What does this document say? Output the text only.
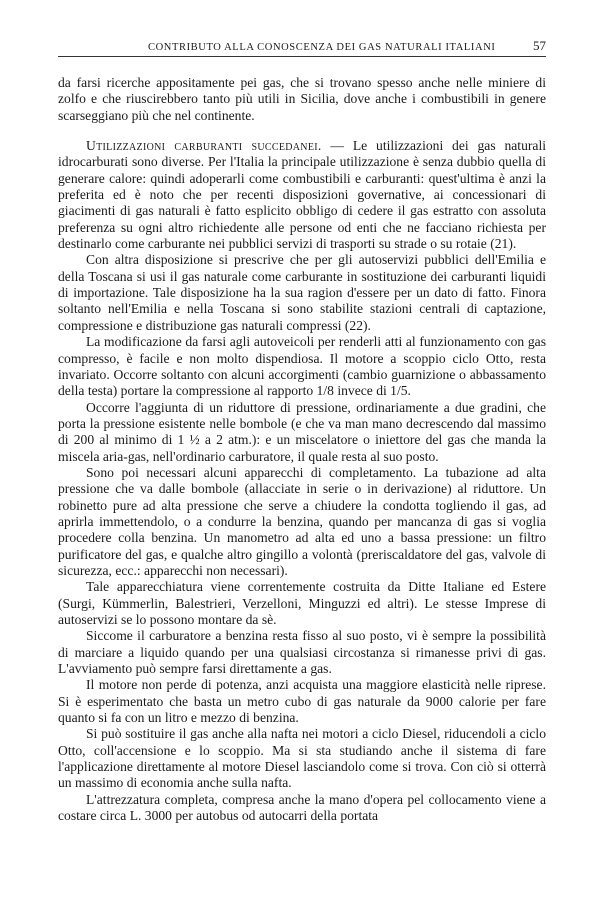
CONTRIBUTO ALLA CONOSCENZA DEI GAS NATURALI ITALIANI	57

da farsi ricerche appositamente pei gas, che si trovano spesso anche nelle miniere di zolfo e che riuscirebbero tanto più utili in Sicilia, dove anche i combustibili in genere scarseggiano più che nel continente.

Utilizzazioni carburanti succedanei. — Le utilizzazioni dei gas naturali idrocarburati sono diverse. Per l'Italia la principale utilizzazione è senza dubbio quella di generare calore: quindi adoperarli come combustibili e carburanti: quest'ultima è anzi la preferita ed è noto che per recenti disposizioni governative, ai concessionari di giacimenti di gas naturali è fatto esplicito obbligo di cedere il gas estratto con assoluta preferenza su ogni altro richiedente alle persone od enti che ne facciano richiesta per destinarlo come carburante nei pubblici servizi di trasporti su strade o su rotaie (21).

Con altra disposizione si prescrive che per gli autoservizi pubblici dell'Emilia e della Toscana si usi il gas naturale come carburante in sostituzione dei carburanti liquidi di importazione. Tale disposizione ha la sua ragion d'essere per un dato di fatto. Finora soltanto nell'Emilia e nella Toscana si sono stabilite stazioni centrali di captazione, compressione e distribuzione gas naturali compressi (22).

La modificazione da farsi agli autoveicoli per renderli atti al funzionamento con gas compresso, è facile e non molto dispendiosa. Il motore a scoppio ciclo Otto, resta invariato. Occorre soltanto con alcuni accorgimenti (cambio guarnizione o abbassamento della testa) portare la compressione al rapporto 1/8 invece di 1/5.

Occorre l'aggiunta di un riduttore di pressione, ordinariamente a due gradini, che porta la pressione esistente nelle bombole (e che va man mano decrescendo dal massimo di 200 al minimo di 1 ½ a 2 atm.): e un miscelatore o iniettore del gas che manda la miscela aria-gas, nell'ordinario carburatore, il quale resta al suo posto.

Sono poi necessari alcuni apparecchi di completamento. La tubazione ad alta pressione che va dalle bombole (allacciate in serie o in derivazione) al riduttore. Un robinetto pure ad alta pressione che serve a chiudere la condotta togliendo il gas, ad aprirla immettendolo, o a condurre la benzina, quando per mancanza di gas si voglia procedere colla benzina. Un manometro ad alta ed uno a bassa pressione: un filtro purificatore del gas, e qualche altro gingillo a volontà (preriscaldatore del gas, valvole di sicurezza, ecc.: apparecchi non necessari).

Tale apparecchiatura viene correntemente costruita da Ditte Italiane ed Estere (Surgi, Kümmerlin, Balestrieri, Verzelloni, Minguzzi ed altri). Le stesse Imprese di autoservizi se lo possono montare da sè.

Siccome il carburatore a benzina resta fisso al suo posto, vi è sempre la possibilità di marciare a liquido quando per una qualsiasi circostanza si rimanesse privi di gas. L'avviamento può sempre farsi direttamente a gas.

Il motore non perde di potenza, anzi acquista una maggiore elasticità nelle riprese. Si è esperimentato che basta un metro cubo di gas naturale da 9000 calorie per fare quanto si fa con un litro e mezzo di benzina.

Si può sostituire il gas anche alla nafta nei motori a ciclo Diesel, riducendoli a ciclo Otto, coll'accensione e lo scoppio. Ma si sta studiando anche il sistema di fare l'applicazione direttamente al motore Diesel lasciandolo come si trova. Con ciò si otterrà un massimo di economia anche sulla nafta.

L'attrezzatura completa, compresa anche la mano d'opera pel collocamento viene a costare circa L. 3000 per autobus od autocarri della portata
